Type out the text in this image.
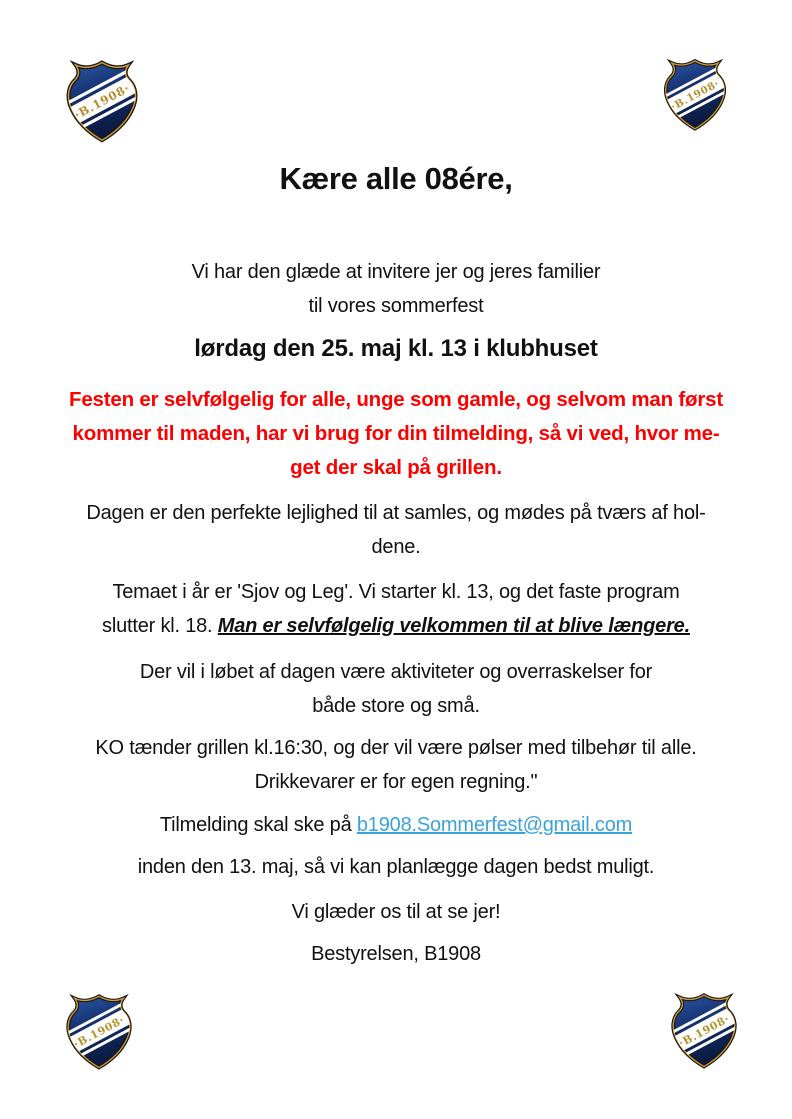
Kære alle 08ére,
Vi har den glæde at invitere jer og jeres familier
til vores sommerfest
lørdag den 25. maj kl. 13 i klubhuset
Festen er selvfølgelig for alle, unge som gamle, og selvom man først
kommer til maden, har vi brug for din tilmelding, så vi ved, hvor me-
get der skal på grillen.
Dagen er den perfekte lejlighed til at samles, og mødes på tværs af hol-
dene.
Temaet i år er 'Sjov og Leg'. Vi starter kl. 13, og det faste program
slutter kl. 18. Man er selvfølgelig velkommen til at blive længere.
Der vil i løbet af dagen være aktiviteter og overraskelser for
både store og små.
KO tænder grillen kl.16:30, og der vil være pølser med tilbehør til alle.
Drikkevarer er for egen regning."
Tilmelding skal ske på b1908.Sommerfest@gmail.com
inden den 13. maj, så vi kan planlægge dagen bedst muligt.
Vi glæder os til at se jer!
Bestyrelsen, B1908
